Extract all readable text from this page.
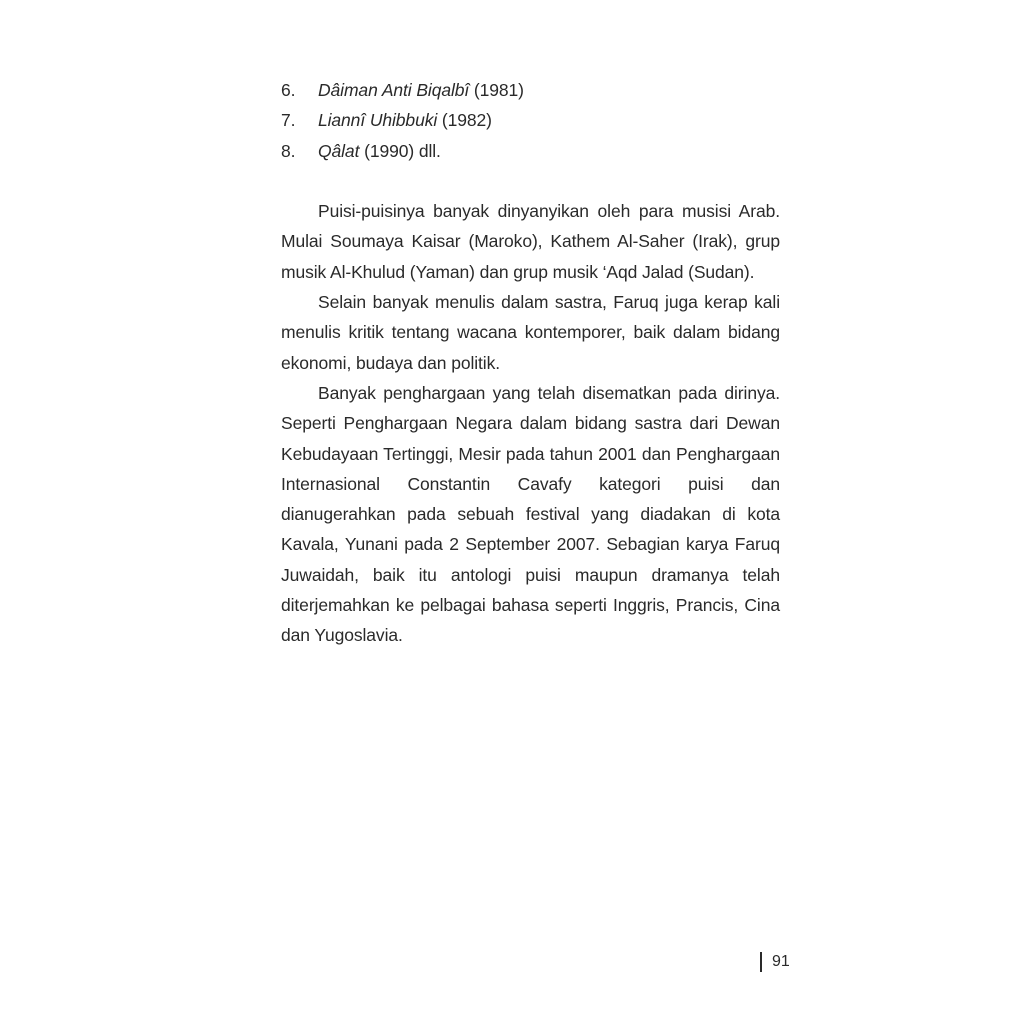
6.	Dâiman Anti Biqalbî (1981)
7.	Liannî Uhibbuki (1982)
8.	Qâlat (1990) dll.

Puisi-puisinya banyak dinyanyikan oleh para musisi Arab. Mulai Soumaya Kaisar (Maroko), Kathem Al-Saher (Irak), grup musik Al-Khulud (Yaman) dan grup musik ‘Aqd Jalad (Sudan).

Selain banyak menulis dalam sastra, Faruq juga kerap kali menulis kritik tentang wacana kontemporer, baik dalam bidang ekonomi, budaya dan politik.

Banyak penghargaan yang telah disematkan pada dirinya. Seperti Penghargaan Negara dalam bidang sastra dari Dewan Kebudayaan Tertinggi, Mesir pada tahun 2001 dan Penghargaan Internasional Constantin Cavafy kategori puisi dan dianugerahkan pada sebuah festival yang diadakan di kota Kavala, Yunani pada 2 September 2007. Sebagian karya Faruq Juwaidah, baik itu antologi puisi maupun dramanya telah diterjemahkan ke pelbagai bahasa seperti Inggris, Prancis, Cina dan Yugoslavia.

91
